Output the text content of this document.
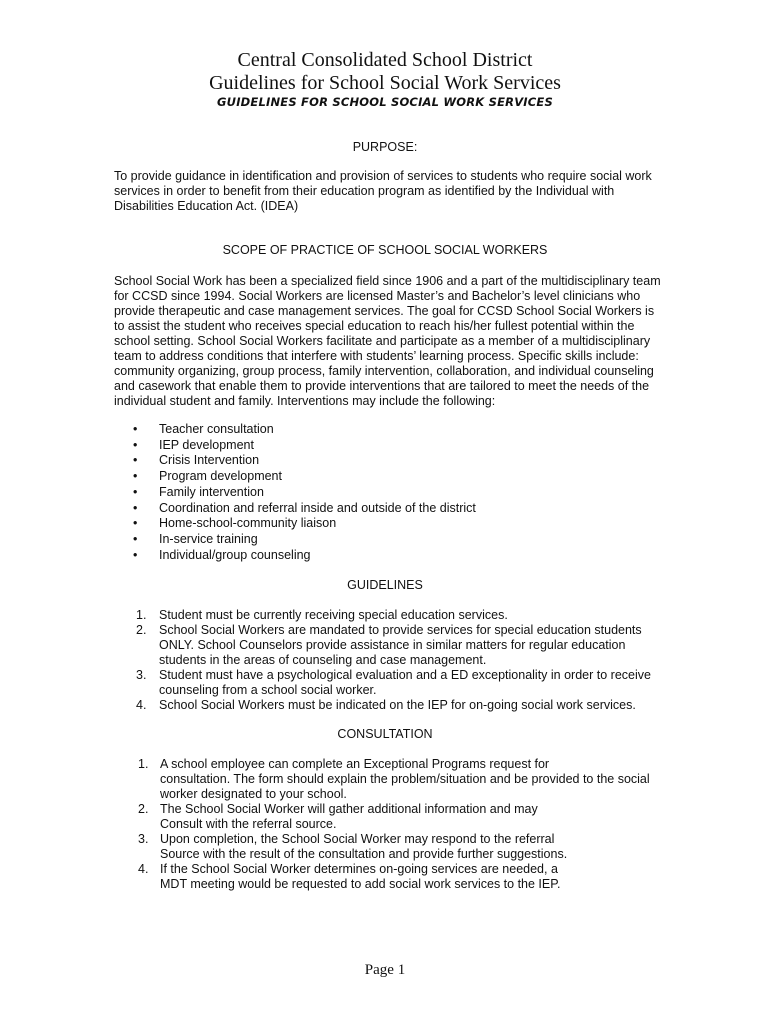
Central Consolidated School District
Guidelines for School Social Work Services
GUIDELINES FOR SCHOOL SOCIAL WORK SERVICES
PURPOSE:

To provide guidance in identification and provision of services to students who require social work services in order to benefit from their education program as identified by the Individual with Disabilities Education Act. (IDEA)

SCOPE OF PRACTICE OF SCHOOL SOCIAL WORKERS

School Social Work has been a specialized field since 1906 and a part of the multidisciplinary team for CCSD since 1994. Social Workers are licensed Master’s and Bachelor’s level clinicians who provide therapeutic and case management services. The goal for CCSD School Social Workers is to assist the student who receives special education to reach his/her fullest potential within the school setting. School Social Workers facilitate and participate as a member of a multidisciplinary team to address conditions that interfere with students’ learning process. Specific skills include: community organizing, group process, family intervention, collaboration, and individual counseling and casework that enable them to provide interventions that are tailored to meet the needs of the individual student and family. Interventions may include the following:

• Teacher consultation
• IEP development
• Crisis Intervention
• Program development
• Family intervention
• Coordination and referral inside and outside of the district
• Home-school-community liaison
• In-service training
• Individual/group counseling
GUIDELINES
1. Student must be currently receiving special education services.
2. School Social Workers are mandated to provide services for special education students ONLY. School Counselors provide assistance in similar matters for regular education students in the areas of counseling and case management.
3. Student must have a psychological evaluation and a ED exceptionality in order to receive counseling from a school social worker.
4. School Social Workers must be indicated on the IEP for on-going social work services.
CONSULTATION
1. A school employee can complete an Exceptional Programs request for
consultation. The form should explain the problem/situation and be provided to the social worker designated to your school.
2. The School Social Worker will gather additional information and may
Consult with the referral source.
3. Upon completion, the School Social Worker may respond to the referral
Source with the result of the consultation and provide further suggestions.
4. If the School Social Worker determines on-going services are needed, a
MDT meeting would be requested to add social work services to the IEP.
Page 1
